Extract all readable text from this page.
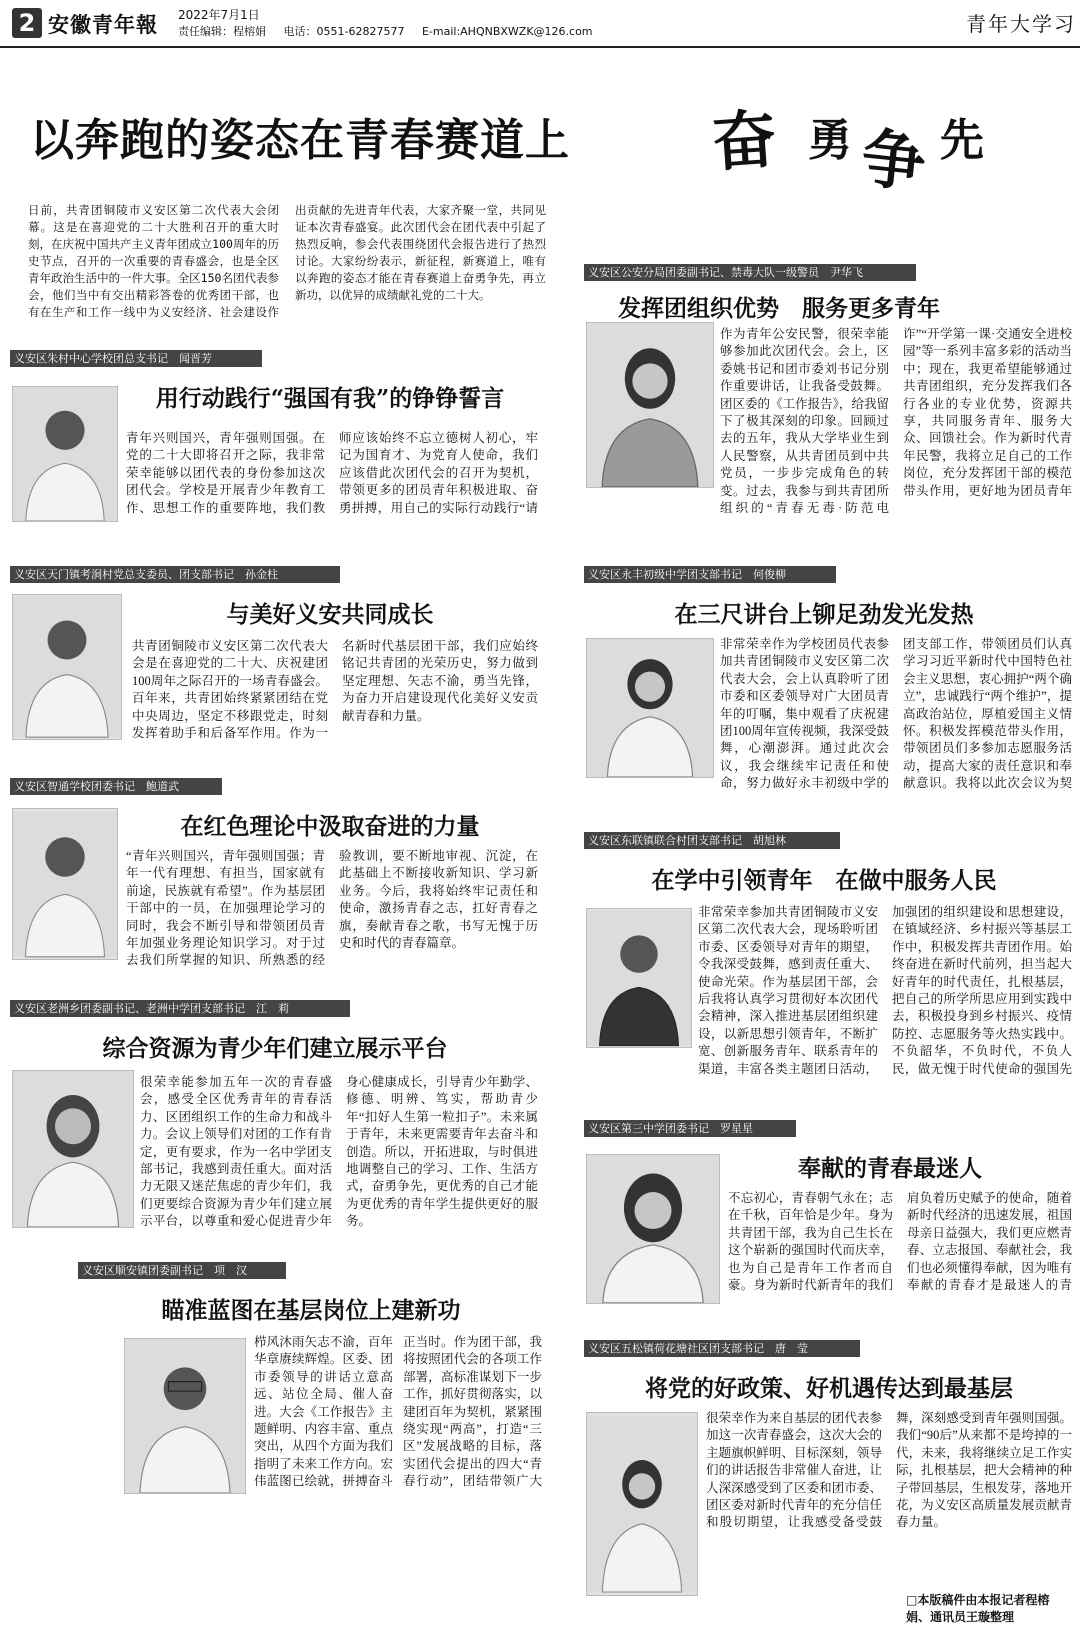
2 安徽青年報 2022年7月1日
责任编辑：程榕娟 电话：0551-62827577 E-mail:AHQNBXWZK@126.com	青年大学习
以奔跑的姿态在青春赛道上 奋 勇 争 先
日前，共青团铜陵市义安区第二次代表大会闭幕。这是在喜迎党的二十大胜利召开的重大时刻，在庆祝中国共产主义青年团成立100周年的历史节点，召开的一次重要的青春盛会，也是全区青年政治生活中的一件大事。全区150名团代表参会，他们当中有交出精彩答卷的优秀团干部，也有在生产和工作一线中为义安经济、社会建设作出贡献的先进青年代表，大家齐聚一堂，共同见证本次青春盛宴。此次团代会在团代表中引起了热烈反响，参会代表围绕团代会报告进行了热烈讨论。大家纷纷表示，新征程，新赛道上，唯有以奔跑的姿态才能在青春赛道上奋勇争先，再立新功，以优异的成绩献礼党的二十大。
义安区朱村中心学校团总支书记　闻晋芳
用行动践行“强国有我”的铮铮誓言
青年兴则国兴，青年强则国强。在党的二十大即将召开之际，我非常荣幸能够以团代表的身份参加这次团代会。学校是开展青少年教育工作、思想工作的重要阵地，我们教师应该始终不忘立德树人初心，牢记为国育才、为党育人使命，我们应该借此次团代会的召开为契机，带领更多的团员青年积极进取、奋勇拼搏，用自己的实际行动践行“请
义安区天门镇考涧村党总支委员、团支部书记　孙金柱
与美好义安共同成长
共青团铜陵市义安区第二次代表大会是在喜迎党的二十大、庆祝建团100周年之际召开的一场青春盛会。百年来，共青团始终紧紧团结在党中央周边，坚定不移跟党走，时刻发挥着助手和后备军作用。作为一名新时代基层团干部，我们应始终铭记共青团的光荣历史，努力做到坚定理想、矢志不渝，勇当先锋，为奋力开启建设现代化美好义安贡献青春和力量。
义安区智通学校团委书记　鲍道武
在红色理论中汲取奋进的力量
“青年兴则国兴，青年强则国强；青年一代有理想、有担当，国家就有前途，民族就有希望”。作为基层团干部中的一员，在加强理论学习的同时，我会不断引导和带领团员青年加强业务理论知识学习。对于过去我们所掌握的知识、所熟悉的经验教训，要不断地审视、沉淀，在此基础上不断接收新知识、学习新业务。今后，我将始终牢记责任和使命，激扬青春之志，扛好青春之旗，奏献青春之歌，书写无愧于历史和时代的青春篇章。
义安区老洲乡团委副书记、老洲中学团支部书记　江　莉
综合资源为青少年们建立展示平台
很荣幸能参加五年一次的青春盛会，感受全区优秀青年的青春活力、区团组织工作的生命力和战斗力。会议上领导们对团的工作有肯定，更有要求，作为一名中学团支部书记，我感到责任重大。面对活力无限又迷茫焦虑的青少年们，我们更要综合资源为青少年们建立展示平台，以尊重和爱心促进青少年身心健康成长，引导青少年勤学、修德、明辨、笃实，帮助青少年“扣好人生第一粒扣子”。未来属于青年，未来更需要青年去奋斗和创造。所以，开拓进取，与时俱进地调整自己的学习、工作、生活方式，奋勇争先，更优秀的自己才能为更优秀的青年学生提供更好的服务。
义安区顺安镇团委副书记　项　汉
瞄准蓝图在基层岗位上建新功
栉风沐雨矢志不渝，百年华章赓续辉煌。区委、团市委领导的讲话立意高远、站位全局、催人奋进。大会《工作报告》主题鲜明、内容丰富、重点突出，从四个方面为我们指明了未来工作方向。宏伟蓝图已绘就，拼搏奋斗正当时。作为团干部，我将按照团代会的各项工作部署，高标准谋划下一步工作，抓好贯彻落实，以建团百年为契机，紧紧围绕实现“两高”，打造“三区”发展战略的目标，落实团代会提出的四大“青春行动”，团结带领广大
义安区公安分局团委副书记、禁毒大队一级警员　尹华飞
发挥团组织优势　服务更多青年
作为青年公安民警，很荣幸能够参加此次团代会。会上，区委姚书记和团市委刘书记分别作重要讲话，让我备受鼓舞。团区委的《工作报告》，给我留下了极其深刻的印象。回顾过去的五年，我从大学毕业生到人民警察，从共青团员到中共党员，一步步完成角色的转变。过去，我参与到共青团所组织的“青春无毒·防范电诈”“开学第一课·交通安全进校园”等一系列丰富多彩的活动当中；现在，我更希望能够通过共青团组织，充分发挥我们各行各业的专业优势，资源共享，共同服务青年、服务大众、回馈社会。作为新时代青年民警，我将立足自己的工作岗位，充分发挥团干部的模范带头作用，更好地为团员青年
义安区永丰初级中学团支部书记　何俊柳
在三尺讲台上铆足劲发光发热
非常荣幸作为学校团员代表参加共青团铜陵市义安区第二次代表大会，会上认真聆听了团市委和区委领导对广大团员青年的叮嘱，集中观看了庆祝建团100周年宣传视频，我深受鼓舞，心潮澎湃。通过此次会议，我会继续牢记责任和使命，努力做好永丰初级中学的团支部工作，带领团员们认真学习习近平新时代中国特色社会主义思想，衷心拥护“两个确立”，忠诚践行“两个维护”，提高政治站位，厚植爱国主义情怀。积极发挥模范带头作用，带领团员们多参加志愿服务活动，提高大家的责任意识和奉献意识。我将以此次会议为契
义安区东联镇联合村团支部书记　胡旭林
在学中引领青年　在做中服务人民
非常荣幸参加共青团铜陵市义安区第二次代表大会，现场聆听团市委、区委领导对青年的期望，令我深受鼓舞，感到责任重大、使命光荣。作为基层团干部，会后我将认真学习贯彻好本次团代会精神，深入推进基层团组织建设，以新思想引领青年，不断扩宽、创新服务青年、联系青年的渠道，丰富各类主题团日活动，加强团的组织建设和思想建设，在镇域经济、乡村振兴等基层工作中，积极发挥共青团作用。始终奋进在新时代前列，担当起大好青年的时代责任，扎根基层，把自己的所学所思应用到实践中去，积极投身到乡村振兴、疫情防控、志愿服务等火热实践中。不负韶华，不负时代，不负人民，做无愧于时代使命的强国先
义安区第三中学团委书记　罗星星
奉献的青春最迷人
不忘初心，青春朝气永在；志在千秋，百年恰是少年。身为共青团干部，我为自己生长在这个崭新的强国时代而庆幸，也为自己是青年工作者而自豪。身为新时代新青年的我们肩负着历史赋予的使命，随着新时代经济的迅速发展，祖国母亲日益强大，我们更应燃青春、立志报国、奉献社会，我们也必须懂得奉献，因为唯有奉献的青春才是最迷人的青
义安区五松镇荷花塘社区团支部书记　唐　莹
将党的好政策、好机遇传达到最基层
很荣幸作为来自基层的团代表参加这一次青春盛会，这次大会的主题旗帜鲜明、目标深刻，领导们的讲话报告非常催人奋进，让人深深感受到了区委和团市委、团区委对新时代青年的充分信任和殷切期望，让我感受备受鼓舞，深刻感受到青年强则国强。我们“90后”从来都不是垮掉的一代，未来，我将继续立足工作实际，扎根基层，把大会精神的种子带回基层，生根发芽，落地开花，为义安区高质量发展贡献青春力量。
□本版稿件由本报记者程榕娟、通讯员王璇整理
